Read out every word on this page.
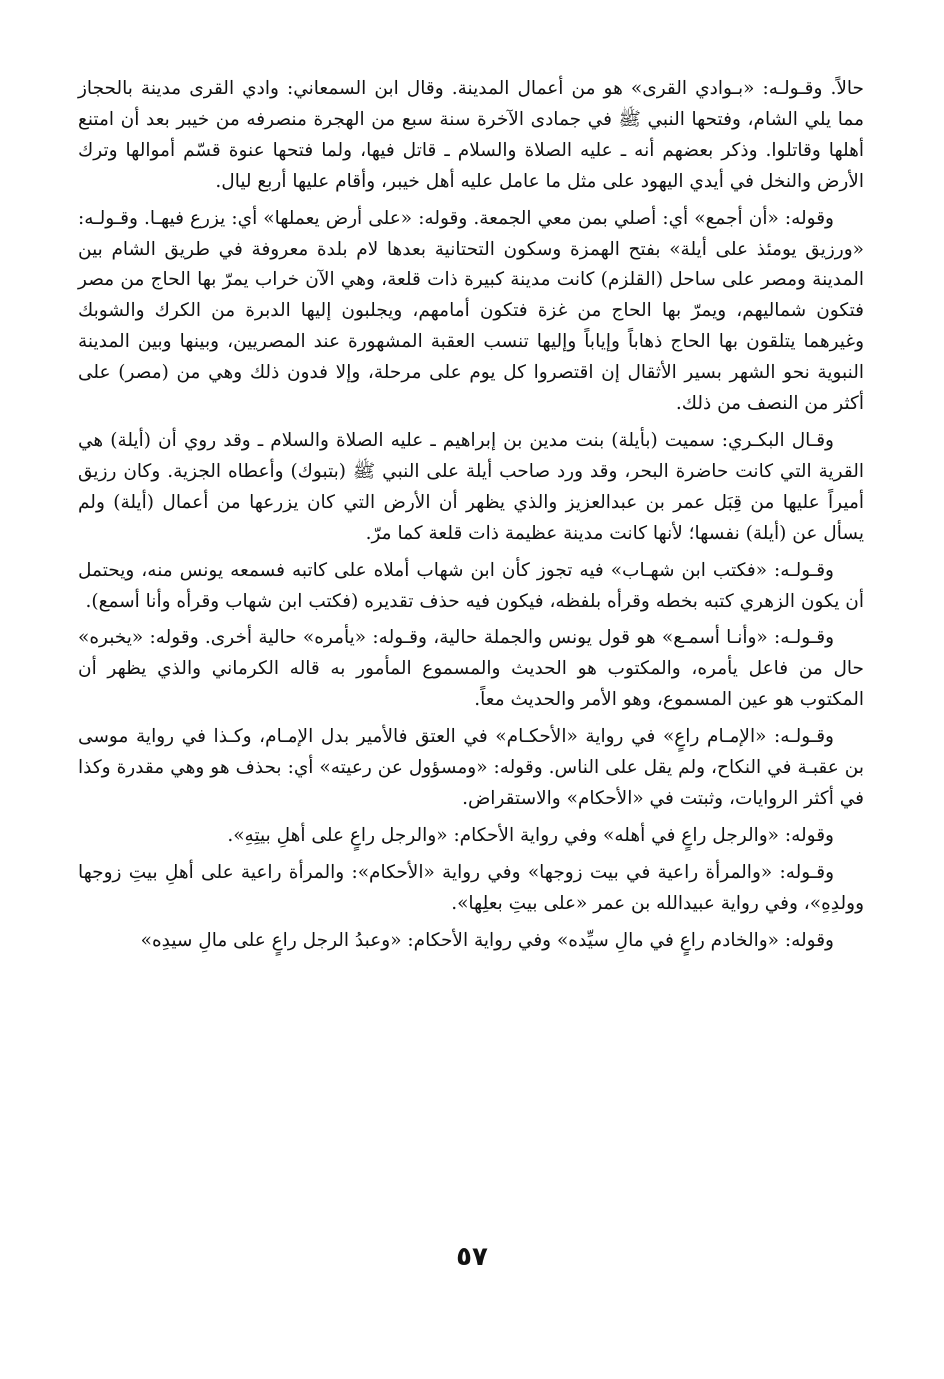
حالاً. وقـولـه: «بـوادي القرى» هو من أعمال المدينة. وقال ابن السمعاني: وادي القرى مدينة بالحجاز مما يلي الشام، وفتحها النبي ﷺ في جمادى الآخرة سنة سبع من الهجرة منصرفه من خيبر بعد أن امتنع أهلها وقاتلوا. وذكر بعضهم أنه ـ عليه الصلاة والسلام ـ قاتل فيها، ولما فتحها عنوة قسّم أموالها وترك الأرض والنخل في أيدي اليهود على مثل ما عامل عليه أهل خيبر، وأقام عليها أربع ليال.

وقوله: «أن أجمع» أي: أصلي بمن معي الجمعة. وقوله: «على أرض يعملها» أي: يزرع فيهـا. وقـولـه: «ورزيق يومئذ على أيلة» بفتح الهمزة وسكون التحتانية بعدها لام بلدة معروفة في طريق الشام بين المدينة ومصر على ساحل (القلزم) كانت مدينة كبيرة ذات قلعة، وهي الآن خراب يمرّ بها الحاج من مصر فتكون شماليهم، ويمرّ بها الحاج من غزة فتكون أمامهم، ويجلبون إليها الدبرة من الكرك والشوبك وغيرهما يتلقون بها الحاج ذهاباً وإياباً وإليها تنسب العقبة المشهورة عند المصريين، وبينها وبين المدينة النبوية نحو الشهر بسير الأثقال إن اقتصروا كل يوم على مرحلة، وإلا فدون ذلك وهي من (مصر) على أكثر من النصف من ذلك.

وقـال البكـري: سميت (بأيلة) بنت مدين بن إبراهيم ـ عليه الصلاة والسلام ـ وقد روي أن (أيلة) هي القرية التي كانت حاضرة البحر، وقد ورد صاحب أيلة على النبي ﷺ (بتبوك) وأعطاه الجزية. وكان رزيق أميراً عليها من قِبَل عمر بن عبدالعزيز والذي يظهر أن الأرض التي كان يزرعها من أعمال (أيلة) ولم يسأل عن (أيلة) نفسها؛ لأنها كانت مدينة عظيمة ذات قلعة كما مرّ.

وقـولـه: «فكتب ابن شهـاب» فيه تجوز كأن ابن شهاب أملاه على كاتبه فسمعه يونس منه، ويحتمل أن يكون الزهري كتبه بخطه وقرأه بلفظه، فيكون فيه حذف تقديره (فكتب ابن شهاب وقرأه وأنا أسمع).

وقـولـه: «وأنـا أسمـع» هو قول يونس والجملة حالية، وقـوله: «يأمره» حالية أخرى. وقوله: «يخبره» حال من فاعل يأمره، والمكتوب هو الحديث والمسموع المأمور به قاله الكرماني والذي يظهر أن المكتوب هو عين المسموع، وهو الأمر والحديث معاً.

وقـولـه: «الإمـام راعٍ» في رواية «الأحكـام» في العتق فالأمير بدل الإمـام، وكـذا في رواية موسى بن عقبـة في النكاح، ولم يقل على الناس. وقوله: «ومسؤول عن رعيته» أي: بحذف هو وهي مقدرة وكذا في أكثر الروايات، وثبتت في «الأحكام» والاستقراض.

وقوله: «والرجل راعٍ في أهله» وفي رواية الأحكام: «والرجل راعٍ على أهلِ بيتِهِ».

وقـوله: «والمرأة راعية في بيت زوجها» وفي رواية «الأحكام»: والمرأة راعية على أهلِ بيتِ زوجها وولدِهِ»، وفي رواية عبيدالله بن عمر «على بيتِ بعلِها».

وقوله: «والخادم راعٍ في مالِ سيِّده» وفي رواية الأحكام: «وعبدُ الرجل راعٍ على مالِ سيدِه»

٥٧
